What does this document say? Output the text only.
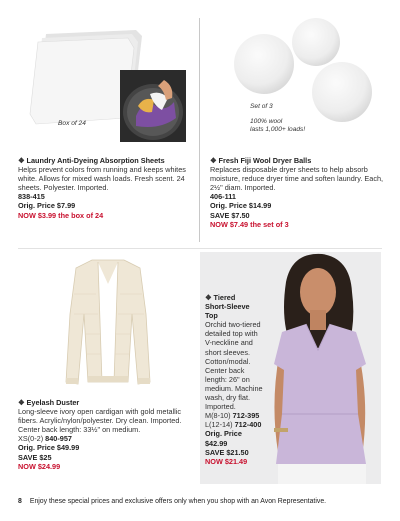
Box of 24
Set of 3
100% wool
lasts 1,000+ loads!
❖ Laundry Anti-Dyeing Absorption Sheets
Helps prevent colors from running and keeps whites white. Allows for mixed wash loads. Fresh scent. 24 sheets. Polyester. Imported.
838-415
Orig. Price $7.99
NOW $3.99 the box of 24
❖ Fresh Fiji Wool Dryer Balls
Replaces disposable dryer sheets to help absorb moisture, reduce dryer time and soften laundry. Each, 2½" diam. Imported.
406-111
Orig. Price $14.99
SAVE $7.50
NOW $7.49 the set of 3
❖ Eyelash Duster
Long-sleeve ivory open cardigan with gold metallic fibers. Acrylic/nylon/polyester. Dry clean. Imported. Center back length: 33½" on medium.
XS(0-2) 840-957
Orig. Price $49.99
SAVE $25
NOW $24.99
❖ Tiered
Short-Sleeve
Top
Orchid two-tiered detailed top with V-neckline and short sleeves. Cotton/modal. Center back length: 26" on medium. Machine wash, dry flat. Imported.
M(8-10) 712-395
L(12-14) 712-400
Orig. Price
$42.99
SAVE $21.50
NOW $21.49
8 Enjoy these special prices and exclusive offers only when you shop with an Avon Representative.
